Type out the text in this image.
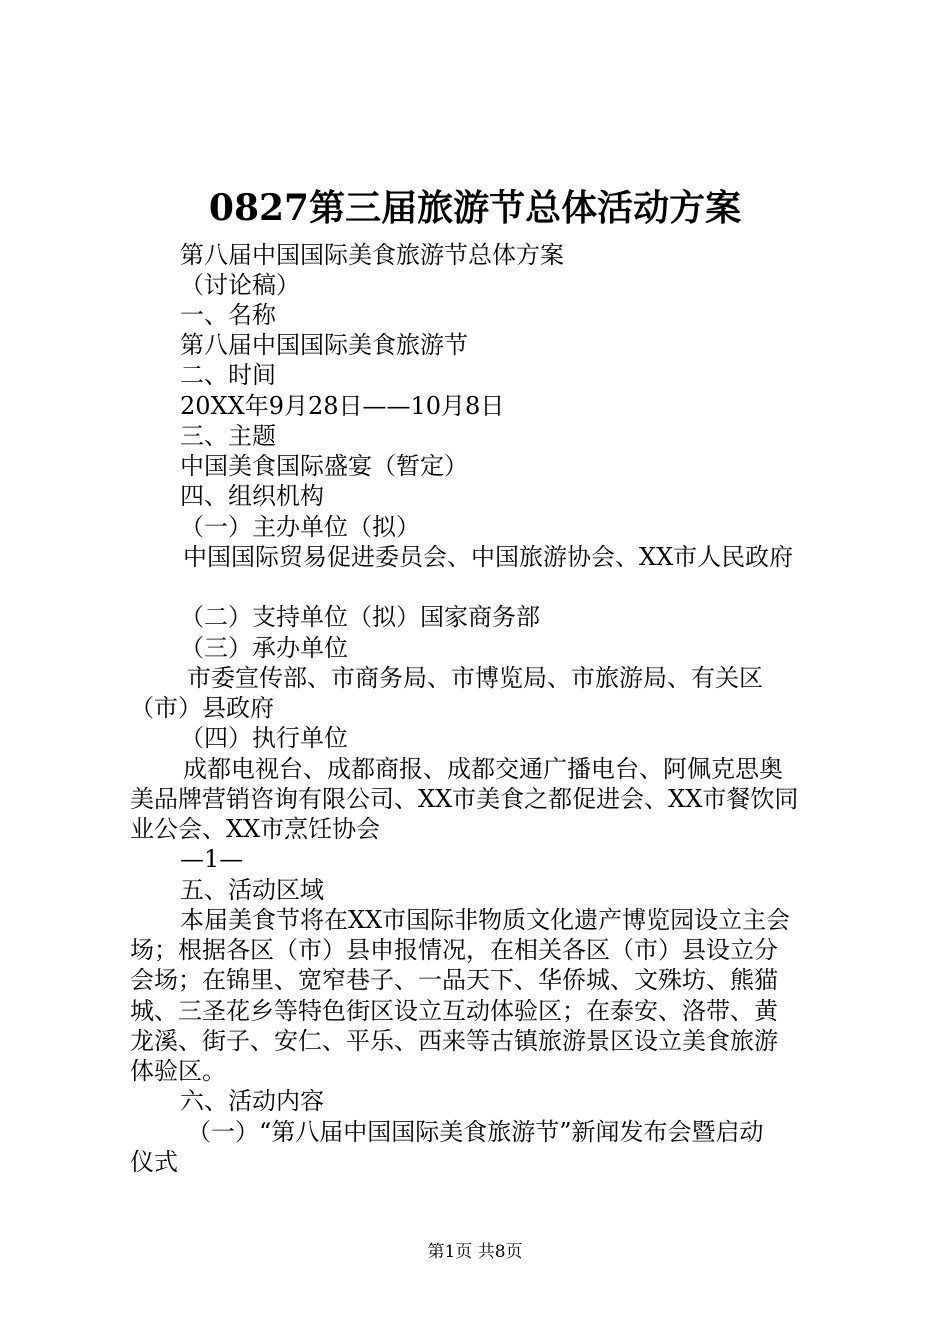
0827第三届旅游节总体活动方案
第八届中国国际美食旅游节总体方案
（讨论稿）
一、名称
第八届中国国际美食旅游节
二、时间
20XX年9月28日——10月8日
三、主题
中国美食国际盛宴（暂定）
四、组织机构
（一）主办单位（拟）
中国国际贸易促进委员会、中国旅游协会、XX市人民政府
（二）支持单位（拟）国家商务部
（三）承办单位
市委宣传部、市商务局、市博览局、市旅游局、有关区
（市）县政府
（四）执行单位
成都电视台、成都商报、成都交通广播电台、阿佩克思奥
美品牌营销咨询有限公司、XX市美食之都促进会、XX市餐饮同
业公会、XX市烹饪协会
—1—
五、活动区域
本届美食节将在XX市国际非物质文化遗产博览园设立主会
场；根据各区（市）县申报情况，在相关各区（市）县设立分
会场；在锦里、宽窄巷子、一品天下、华侨城、文殊坊、熊猫
城、三圣花乡等特色街区设立互动体验区；在泰安、洛带、黄
龙溪、街子、安仁、平乐、西来等古镇旅游景区设立美食旅游
体验区。
六、活动内容
（一）“第八届中国国际美食旅游节”新闻发布会暨启动
仪式
第1页 共8页
